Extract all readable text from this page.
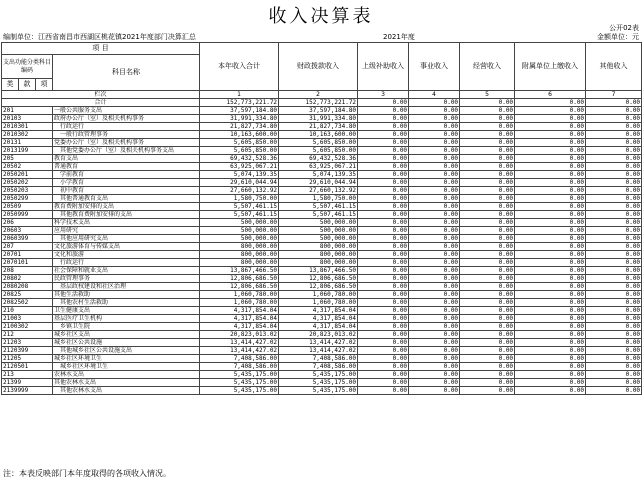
收入决算表
公开02表
编制单位：江西省南昌市西湖区桃花镇2021年度部门决算汇总	2021年度	金额单位：元
项 目				本年收入合计	财政拨款收入	上级补助收入	事业收入	经营收入	附属单位上缴收入	其他收入
支出功能分类科目编码			科目名称							
类	款	项								
栏次				1	2	3	4	5	6	7
合计				152,773,221.72	152,773,221.72	0.00	0.00	0.00	0.00	0.00
201			一般公共服务支出	37,597,184.80	37,597,184.80	0.00	0.00	0.00	0.00	0.00
20103			政府办公厅（室）及相关机构事务	31,991,334.80	31,991,334.80	0.00	0.00	0.00	0.00	0.00
2010301			　行政运行	21,827,734.80	21,827,734.80	0.00	0.00	0.00	0.00	0.00
2010302			　一般行政管理事务	10,163,600.00	10,163,600.00	0.00	0.00	0.00	0.00	0.00
20131			党委办公厅（室）及相关机构事务	5,605,850.00	5,605,850.00	0.00	0.00	0.00	0.00	0.00
2013199			　其他党委办公厅（室）及相关机构事务支出	5,605,850.00	5,605,850.00	0.00	0.00	0.00	0.00	0.00
205			教育支出	69,432,528.36	69,432,528.36	0.00	0.00	0.00	0.00	0.00
20502			普通教育	63,925,067.21	63,925,067.21	0.00	0.00	0.00	0.00	0.00
2050201			　学前教育	5,074,139.35	5,074,139.35	0.00	0.00	0.00	0.00	0.00
2050202			　小学教育	29,610,044.94	29,610,044.94	0.00	0.00	0.00	0.00	0.00
2050203			　初中教育	27,660,132.92	27,660,132.92	0.00	0.00	0.00	0.00	0.00
2050299			　其他普通教育支出	1,580,750.00	1,580,750.00	0.00	0.00	0.00	0.00	0.00
20509			教育费附加安排的支出	5,507,461.15	5,507,461.15	0.00	0.00	0.00	0.00	0.00
2050999			　其他教育费附加安排的支出	5,507,461.15	5,507,461.15	0.00	0.00	0.00	0.00	0.00
206			科学技术支出	500,000.00	500,000.00	0.00	0.00	0.00	0.00	0.00
20603			应用研究	500,000.00	500,000.00	0.00	0.00	0.00	0.00	0.00
2060399			　其他应用研究支出	500,000.00	500,000.00	0.00	0.00	0.00	0.00	0.00
207			文化旅游体育与传媒支出	800,000.00	800,000.00	0.00	0.00	0.00	0.00	0.00
20701			文化和旅游	800,000.00	800,000.00	0.00	0.00	0.00	0.00	0.00
2070101			　行政运行	800,000.00	800,000.00	0.00	0.00	0.00	0.00	0.00
208			社会保障和就业支出	13,867,466.50	13,867,466.50	0.00	0.00	0.00	0.00	0.00
20802			民政管理事务	12,806,686.50	12,806,686.50	0.00	0.00	0.00	0.00	0.00
2080208			　基层政权建设和社区治理	12,806,686.50	12,806,686.50	0.00	0.00	0.00	0.00	0.00
20825			其他生活救助	1,060,780.00	1,060,780.00	0.00	0.00	0.00	0.00	0.00
2082502			　其他农村生活救助	1,060,780.00	1,060,780.00	0.00	0.00	0.00	0.00	0.00
210			卫生健康支出	4,317,854.04	4,317,854.04	0.00	0.00	0.00	0.00	0.00
21003			基层医疗卫生机构	4,317,854.04	4,317,854.04	0.00	0.00	0.00	0.00	0.00
2100302			　乡镇卫生院	4,317,854.04	4,317,854.04	0.00	0.00	0.00	0.00	0.00
212			城乡社区支出	20,823,013.02	20,823,013.02	0.00	0.00	0.00	0.00	0.00
21203			城乡社区公共设施	13,414,427.02	13,414,427.02	0.00	0.00	0.00	0.00	0.00
2120399			　其他城乡社区公共设施支出	13,414,427.02	13,414,427.02	0.00	0.00	0.00	0.00	0.00
21205			城乡社区环境卫生	7,408,586.00	7,408,586.00	0.00	0.00	0.00	0.00	0.00
2120501			　城乡社区环境卫生	7,408,586.00	7,408,586.00	0.00	0.00	0.00	0.00	0.00
213			农林水支出	5,435,175.00	5,435,175.00	0.00	0.00	0.00	0.00	0.00
21399			其他农林水支出	5,435,175.00	5,435,175.00	0.00	0.00	0.00	0.00	0.00
2139999			　其他农林水支出	5,435,175.00	5,435,175.00	0.00	0.00	0.00	0.00	0.00
注：本表反映部门本年度取得的各项收入情况。
